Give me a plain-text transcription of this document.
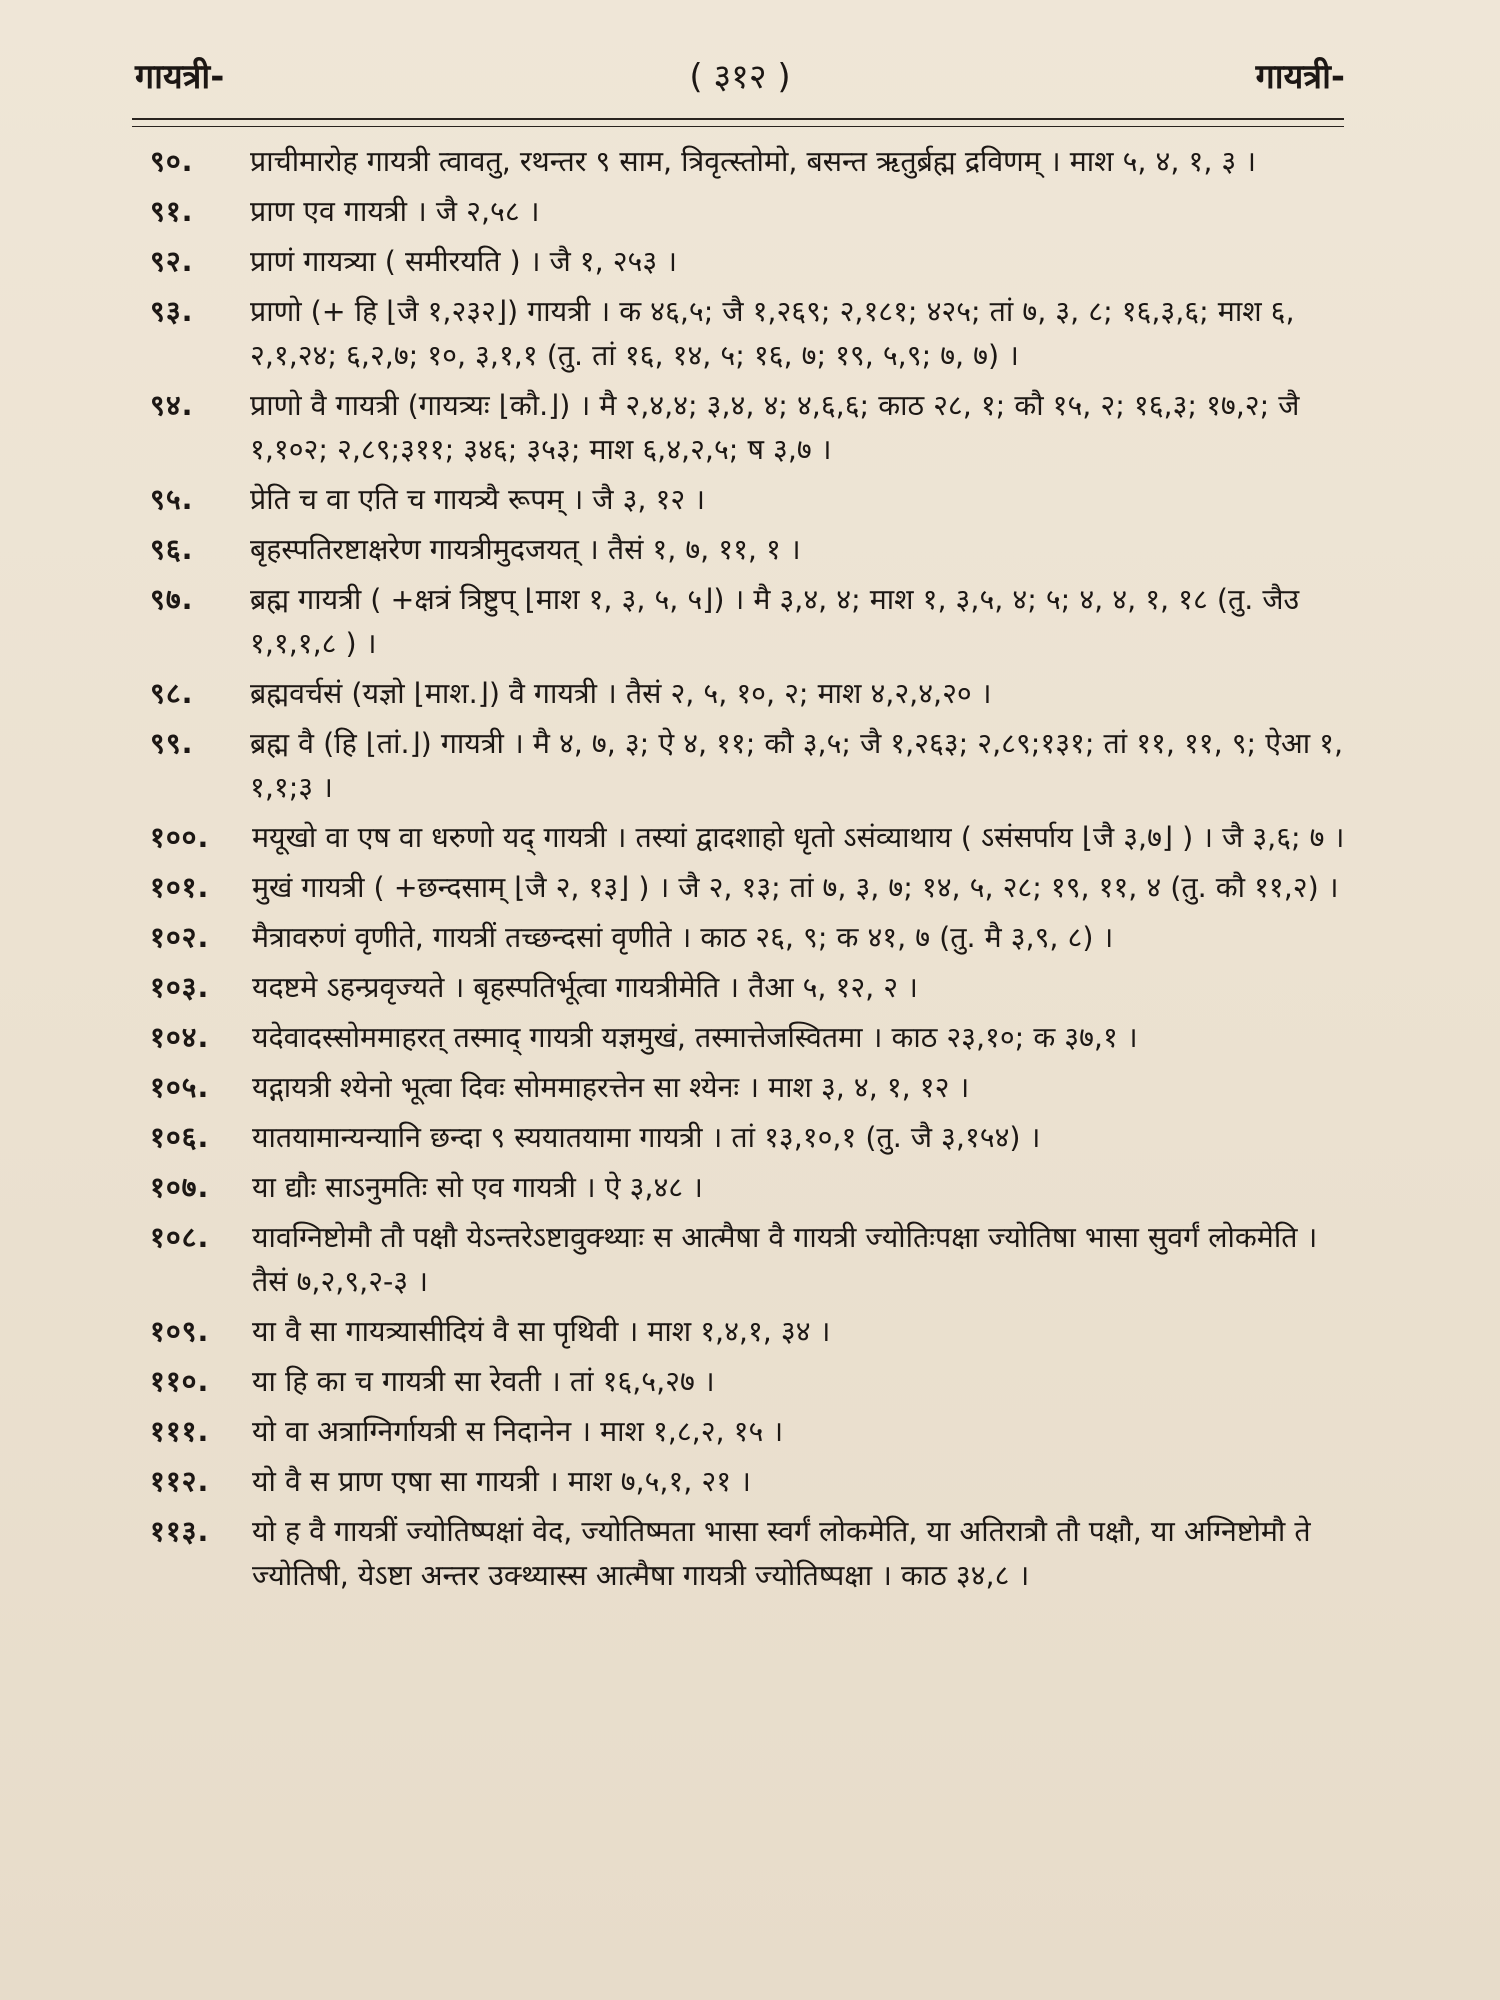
गायत्री-	( ३१२ )	गायत्री-
९०.	प्राचीमारोह गायत्री त्वावतु, रथन्तर ९ साम, त्रिवृत्स्तोमो, बसन्त ऋतुर्ब्रह्म द्रविणम् । माश ५, ४, १, ३ ।
९१.	प्राण एव गायत्री । जै २,५८ ।
९२.	प्राणं गायत्र्या ( समीरयति ) । जै १, २५३ ।
९३.	प्राणो (+ हि ⌊जै १,२३२⌋) गायत्री । क ४६,५; जै १,२६९; २,१८१; ४२५; तां ७, ३, ८; १६,३,६; माश ६, २,१,२४; ६,२,७; १०, ३,१,१ (तु. तां १६, १४, ५; १६, ७; १९, ५,९; ७, ७) ।
९४.	प्राणो वै गायत्री (गायत्र्यः ⌊कौ.⌋) । मै २,४,४; ३,४, ४; ४,६,६; काठ २८, १; कौ १५, २; १६,३; १७,२; जै १,१०२; २,८९;३११; ३४६; ३५३; माश ६,४,२,५; ष ३,७ ।
९५.	प्रेति च वा एति च गायत्र्यै रूपम् । जै ३, १२ ।
९६.	बृहस्पतिरष्टाक्षरेण गायत्रीमुदजयत् । तैसं १, ७, ११, १ ।
९७.	ब्रह्म गायत्री ( +क्षत्रं त्रिष्टुप् ⌊माश १, ३, ५, ५⌋) । मै ३,४, ४; माश १, ३,५, ४; ५; ४, ४, १, १८ (तु. जैउ १,१,१,८ ) ।
९८.	ब्रह्मवर्चसं (यज्ञो ⌊माश.⌋) वै गायत्री । तैसं २, ५, १०, २; माश ४,२,४,२० ।
९९.	ब्रह्म वै (हि ⌊तां.⌋) गायत्री । मै ४, ७, ३; ऐ ४, ११; कौ ३,५; जै १,२६३; २,८९;१३१; तां ११, ११, ९; ऐआ १, १,१;३ ।
१००.	मयूखो वा एष वा धरुणो यद् गायत्री । तस्यां द्वादशाहो धृतो ऽसंव्याथाय ( ऽसंसर्पाय ⌊जै ३,७⌋ ) । जै ३,६; ७ ।
१०१.	मुखं गायत्री ( +छन्दसाम् ⌊जै २, १३⌋ ) । जै २, १३; तां ७, ३, ७; १४, ५, २८; १९, ११, ४ (तु. कौ ११,२) ।
१०२.	मैत्रावरुणं वृणीते, गायत्रीं तच्छन्दसां वृणीते । काठ २६, ९; क ४१, ७ (तु. मै ३,९, ८) ।
१०३.	यदष्टमे ऽहन्प्रवृज्यते । बृहस्पतिर्भूत्वा गायत्रीमेति । तैआ ५, १२, २ ।
१०४.	यदेवादस्सोममाहरत् तस्माद् गायत्री यज्ञमुखं, तस्मात्तेजस्वितमा । काठ २३,१०; क ३७,१ ।
१०५.	यद्गायत्री श्येनो भूत्वा दिवः सोममाहरत्तेन सा श्येनः । माश ३, ४, १, १२ ।
१०६.	यातयामान्यन्यानि छन्दा ९ स्ययातयामा गायत्री । तां १३,१०,१ (तु. जै ३,१५४) ।
१०७.	या द्यौः साऽनुमतिः सो एव गायत्री । ऐ ३,४८ ।
१०८.	यावग्निष्टोमौ तौ पक्षौ येऽन्तरेऽष्टावुक्थ्याः स आत्मैषा वै गायत्री ज्योतिःपक्षा ज्योतिषा भासा सुवर्गं लोकमेति । तैसं ७,२,९,२-३ ।
१०९.	या वै सा गायत्र्यासीदियं वै सा पृथिवी । माश १,४,१, ३४ ।
११०.	या हि का च गायत्री सा रेवती । तां १६,५,२७ ।
१११.	यो वा अत्राग्निर्गायत्री स निदानेन । माश १,८,२, १५ ।
११२.	यो वै स प्राण एषा सा गायत्री । माश ७,५,१, २१ ।
११३.	यो ह वै गायत्रीं ज्योतिष्पक्षां वेद, ज्योतिष्मता भासा स्वर्गं लोकमेति, या अतिरात्रौ तौ पक्षौ, या अग्निष्टोमौ ते ज्योतिषी, येऽष्टा अन्तर उक्थ्यास्स आत्मैषा गायत्री ज्योतिष्पक्षा । काठ ३४,८ ।
